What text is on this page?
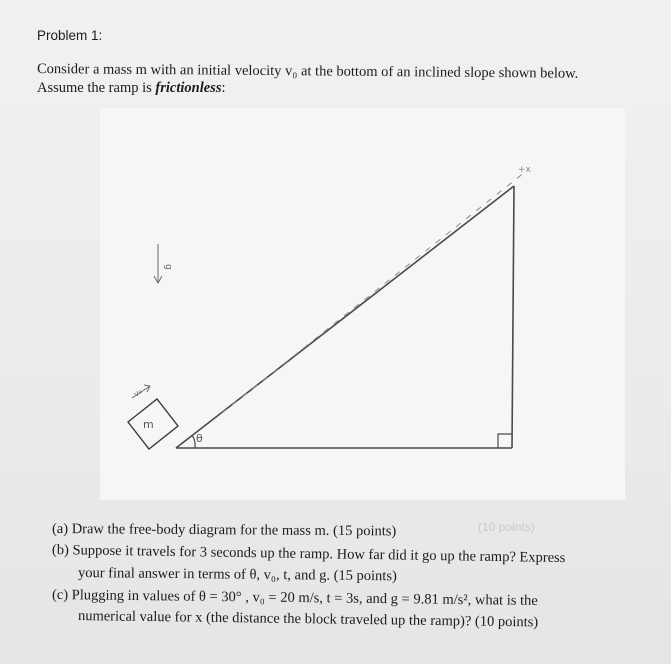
Problem 1:
Consider a mass m with an initial velocity v₀ at the bottom of an inclined slope shown below.
Assume the ramp is frictionless:
θ
m
v₀
g
+x
(10 points)
(a) Draw the free-body diagram for the mass m. (15 points)
(b) Suppose it travels for 3 seconds up the ramp. How far did it go up the ramp? Express
your final answer in terms of θ, v₀, t, and g. (15 points)
(c) Plugging in values of θ = 30° , v₀ = 20 m/s, t = 3s, and g = 9.81 m/s², what is the
numerical value for x (the distance the block traveled up the ramp)? (10 points)
